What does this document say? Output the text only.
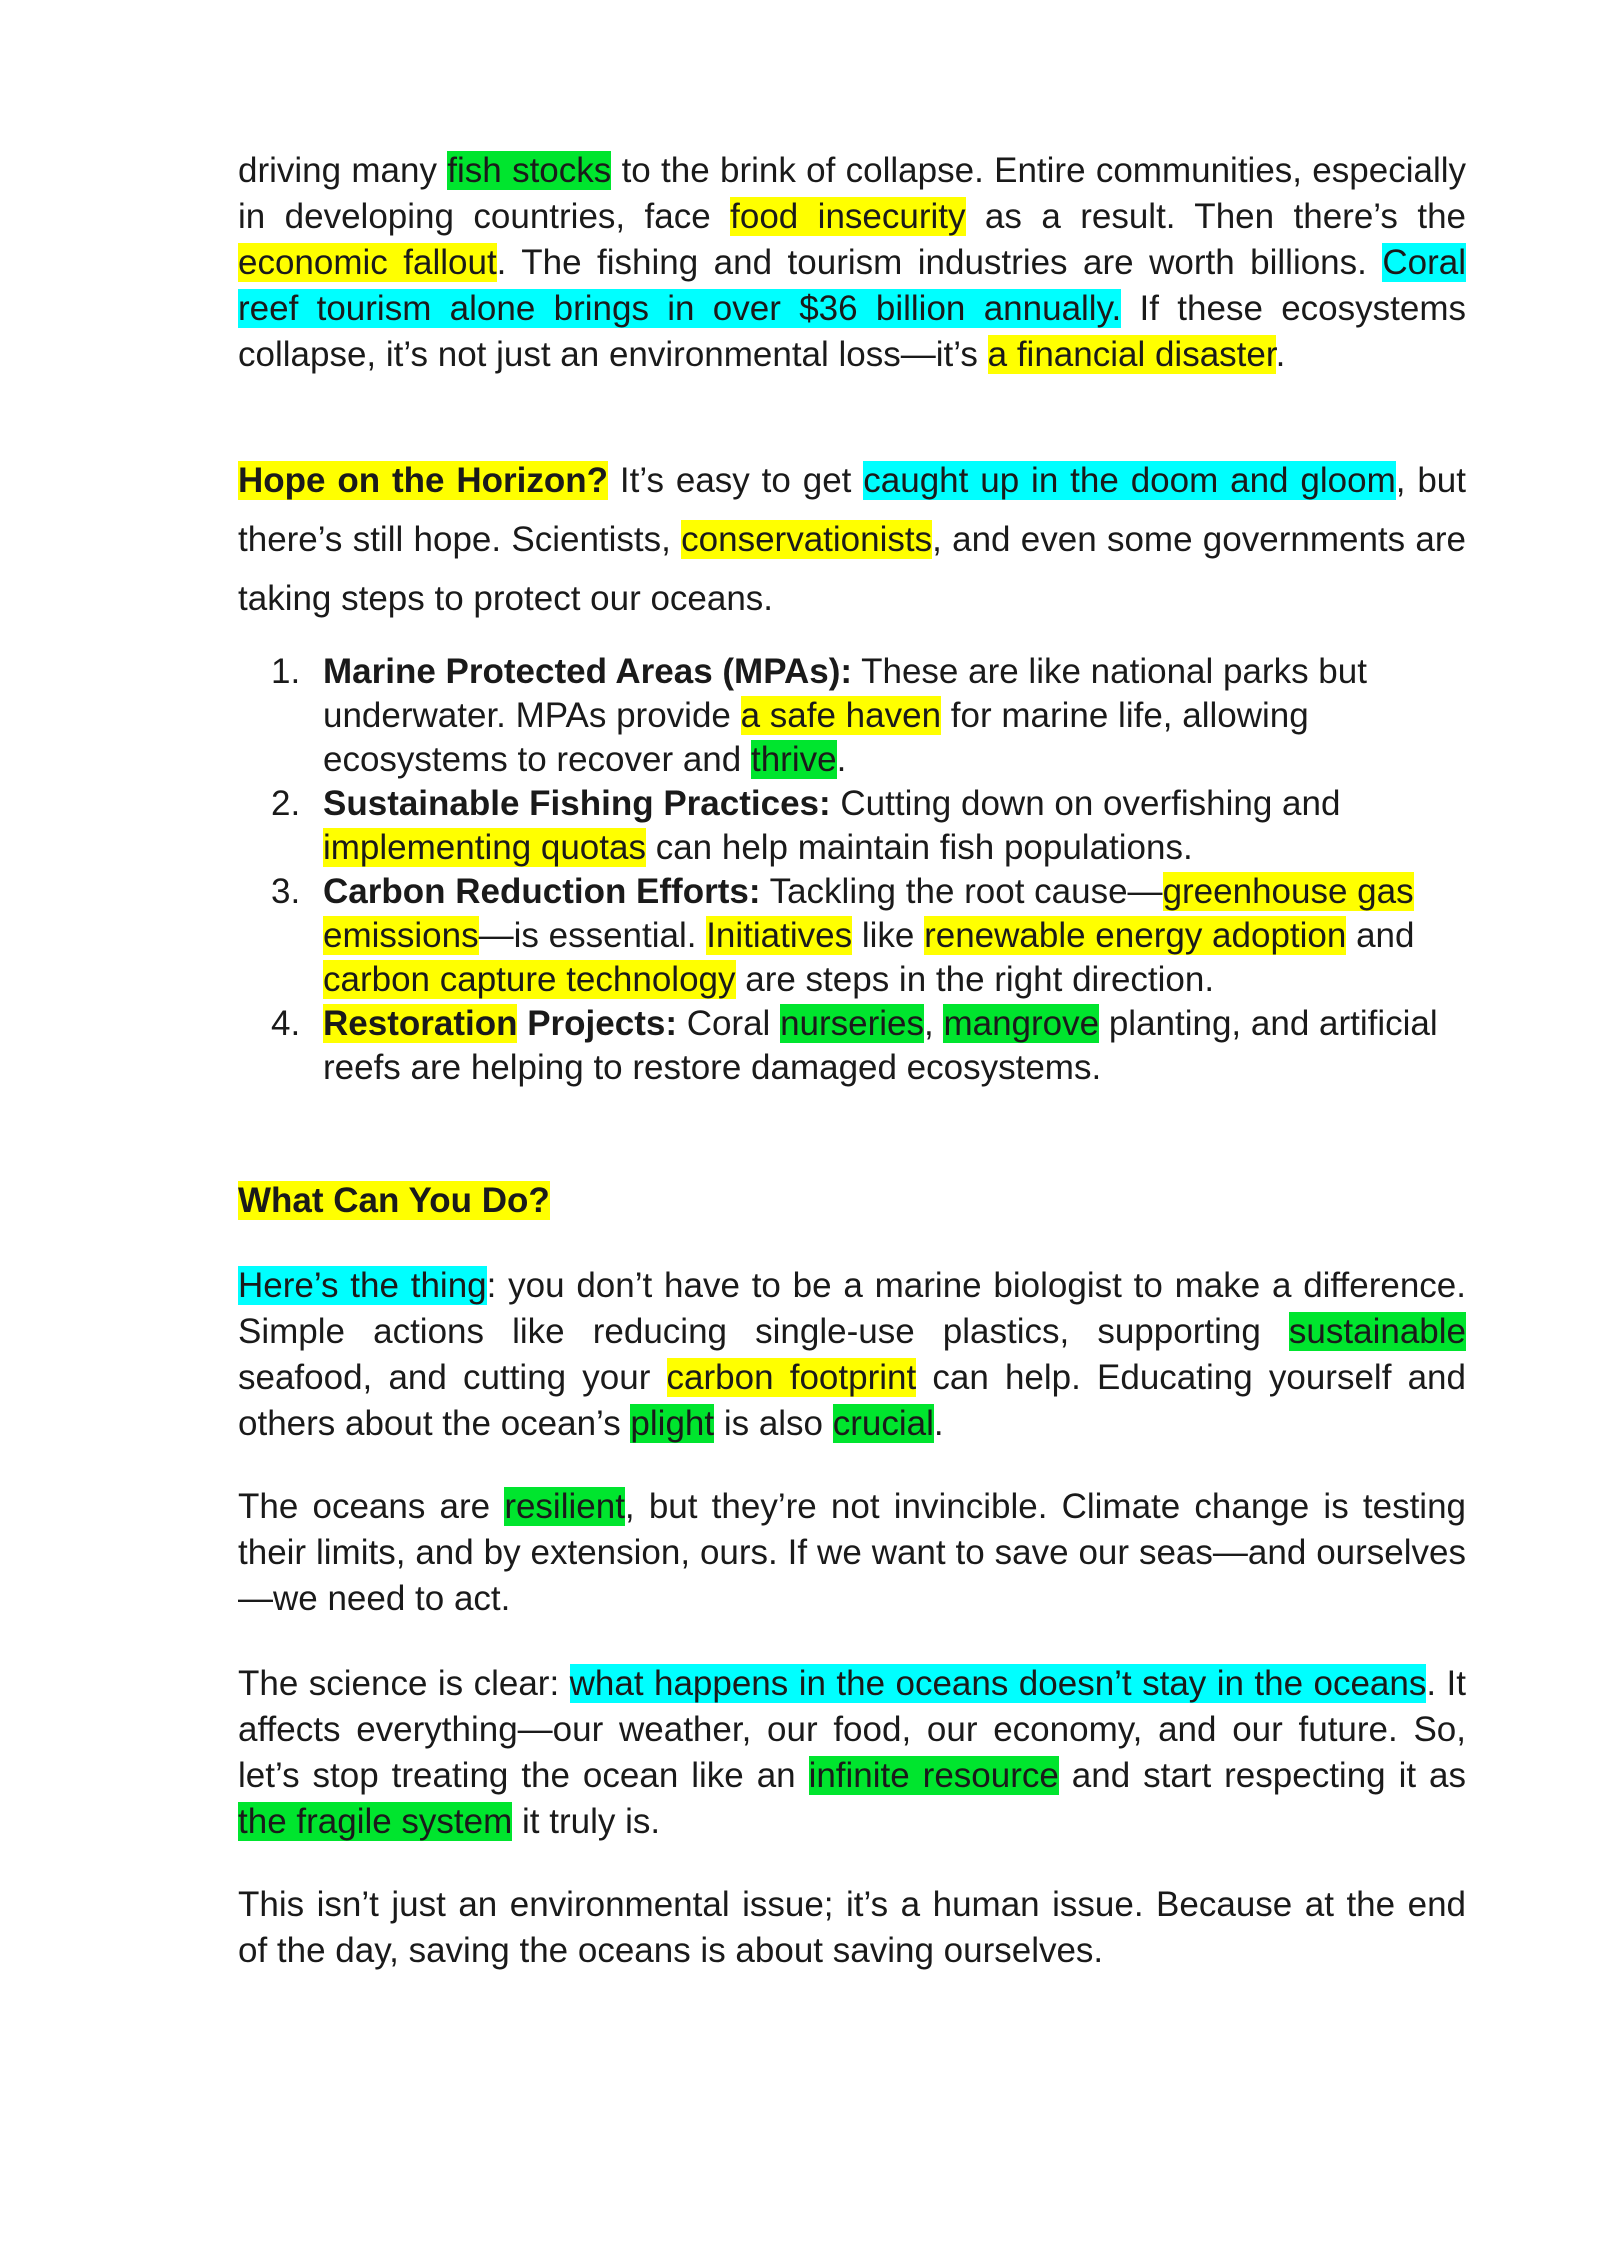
driving many fish stocks to the brink of collapse. Entire communities, especially in developing countries, face food insecurity as a result. Then there’s the economic fallout. The fishing and tourism industries are worth billions. Coral reef tourism alone brings in over $36 billion annually. If these ecosystems collapse, it’s not just an environmental loss—it’s a financial disaster.

Hope on the Horizon? It’s easy to get caught up in the doom and gloom, but there’s still hope. Scientists, conservationists, and even some governments are taking steps to protect our oceans.

1. Marine Protected Areas (MPAs): These are like national parks but underwater. MPAs provide a safe haven for marine life, allowing ecosystems to recover and thrive.
2. Sustainable Fishing Practices: Cutting down on overfishing and implementing quotas can help maintain fish populations.
3. Carbon Reduction Efforts: Tackling the root cause—greenhouse gas emissions—is essential. Initiatives like renewable energy adoption and carbon capture technology are steps in the right direction.
4. Restoration Projects: Coral nurseries, mangrove planting, and artificial reefs are helping to restore damaged ecosystems.
What Can You Do?

Here’s the thing: you don’t have to be a marine biologist to make a difference. Simple actions like reducing single-use plastics, supporting sustainable seafood, and cutting your carbon footprint can help. Educating yourself and others about the ocean’s plight is also crucial.

The oceans are resilient, but they’re not invincible. Climate change is testing their limits, and by extension, ours. If we want to save our seas—and ourselves—we need to act.

The science is clear: what happens in the oceans doesn’t stay in the oceans. It affects everything—our weather, our food, our economy, and our future. So, let’s stop treating the ocean like an infinite resource and start respecting it as the fragile system it truly is.

This isn’t just an environmental issue; it’s a human issue. Because at the end of the day, saving the oceans is about saving ourselves.
